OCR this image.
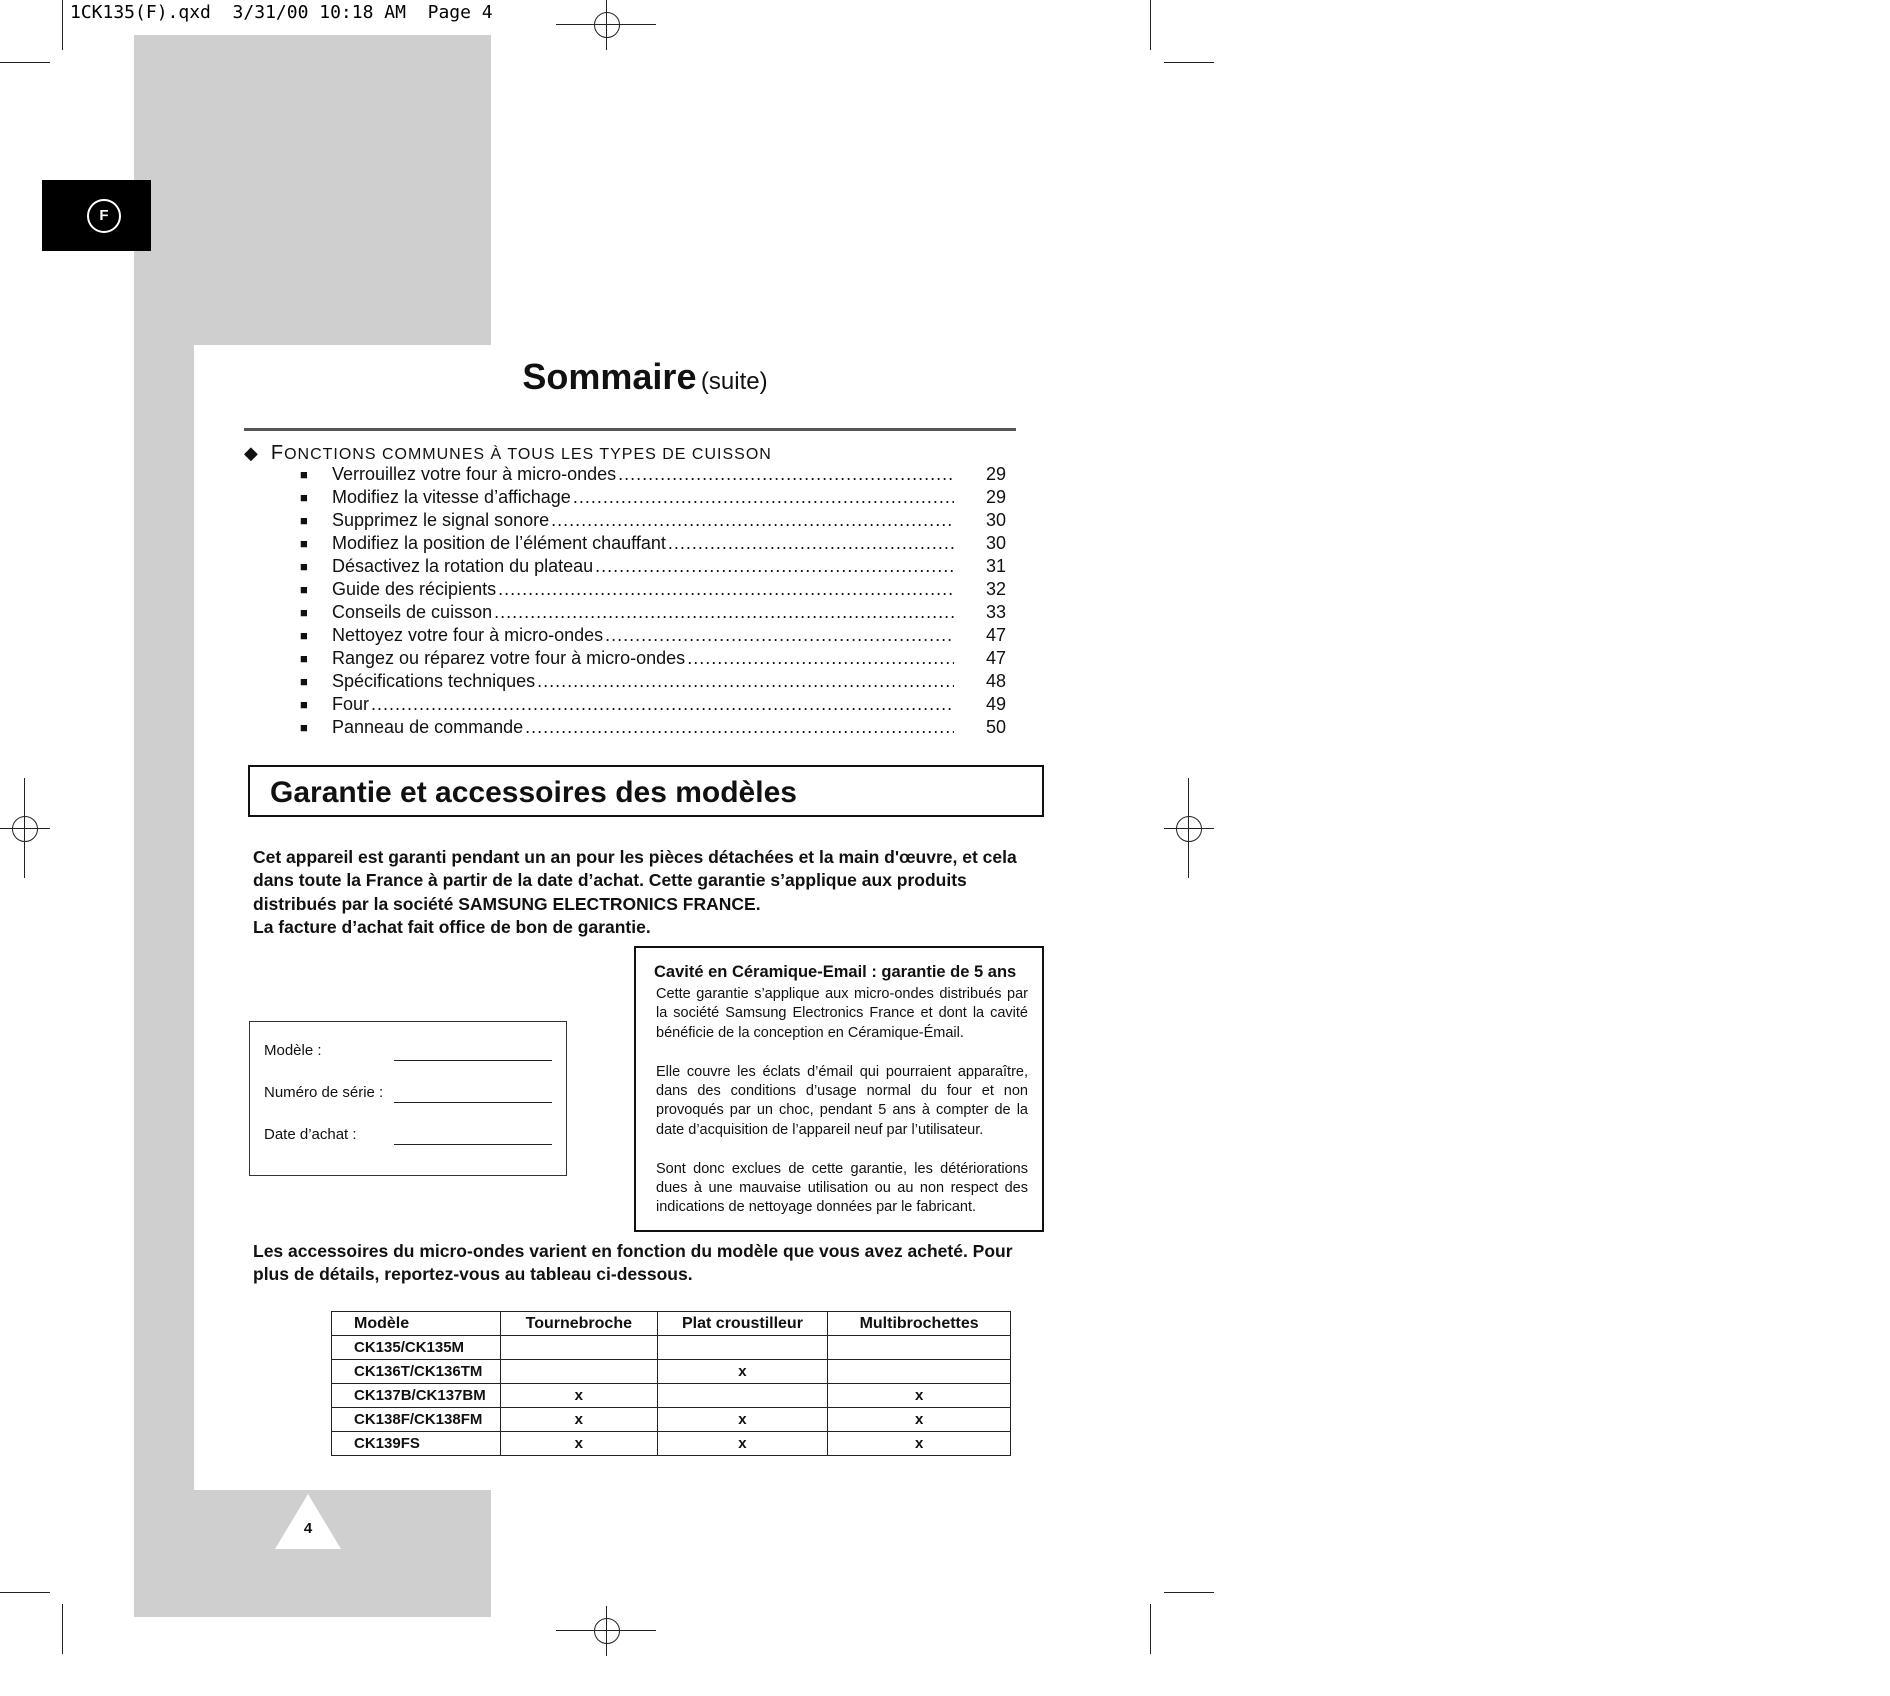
1CK135(F).qxd  3/31/00 10:18 AM  Page 4
F
Sommaire (suite)
◆ FONCTIONS COMMUNES À TOUS LES TYPES DE CUISSON
■ Verrouillez votre four à micro-ondes .....	29
■ Modifiez la vitesse d’affichage .....	29
■ Supprimez le signal sonore .....	30
■ Modifiez la position de l’élément chauffant .....	30
■ Désactivez la rotation du plateau .....	31
■ Guide des récipients .....	32
■ Conseils de cuisson .....	33
■ Nettoyez votre four à micro-ondes .....	47
■ Rangez ou réparez votre four à micro-ondes .....	47
■ Spécifications techniques .....	48
■ Four .....	49
■ Panneau de commande .....	50
Garantie et accessoires des modèles
Cet appareil est garanti pendant un an pour les pièces détachées et la main d'œuvre, et cela dans toute la France à partir de la date d’achat. Cette garantie s’applique aux produits distribués par la société SAMSUNG ELECTRONICS FRANCE.
La facture d’achat fait office de bon de garantie.
Modèle :
Numéro de série :
Date d’achat :
Cavité en Céramique-Email : garantie de 5 ans

Cette garantie s’applique aux micro-ondes distribués par la société Samsung Electronics France et dont la cavité bénéficie de la conception en Céramique-Émail.

Elle couvre les éclats d’émail qui pourraient apparaître, dans des conditions d’usage normal du four et non provoqués par un choc, pendant 5 ans à compter de la date d’acquisition de l’appareil neuf par l’utilisateur.

Sont donc exclues de cette garantie, les détériorations dues à une mauvaise utilisation ou au non respect des indications de nettoyage données par le fabricant.

Les accessoires du micro-ondes varient en fonction du modèle que vous avez acheté. Pour plus de détails, reportez-vous au tableau ci-dessous.
Modèle	Tournebroche	Plat croustilleur	Multibrochettes
CK135/CK135M			
CK136T/CK136TM		x	
CK137B/CK137BM	x		x
CK138F/CK138FM	x	x	x
CK139FS	x	x	x
4
